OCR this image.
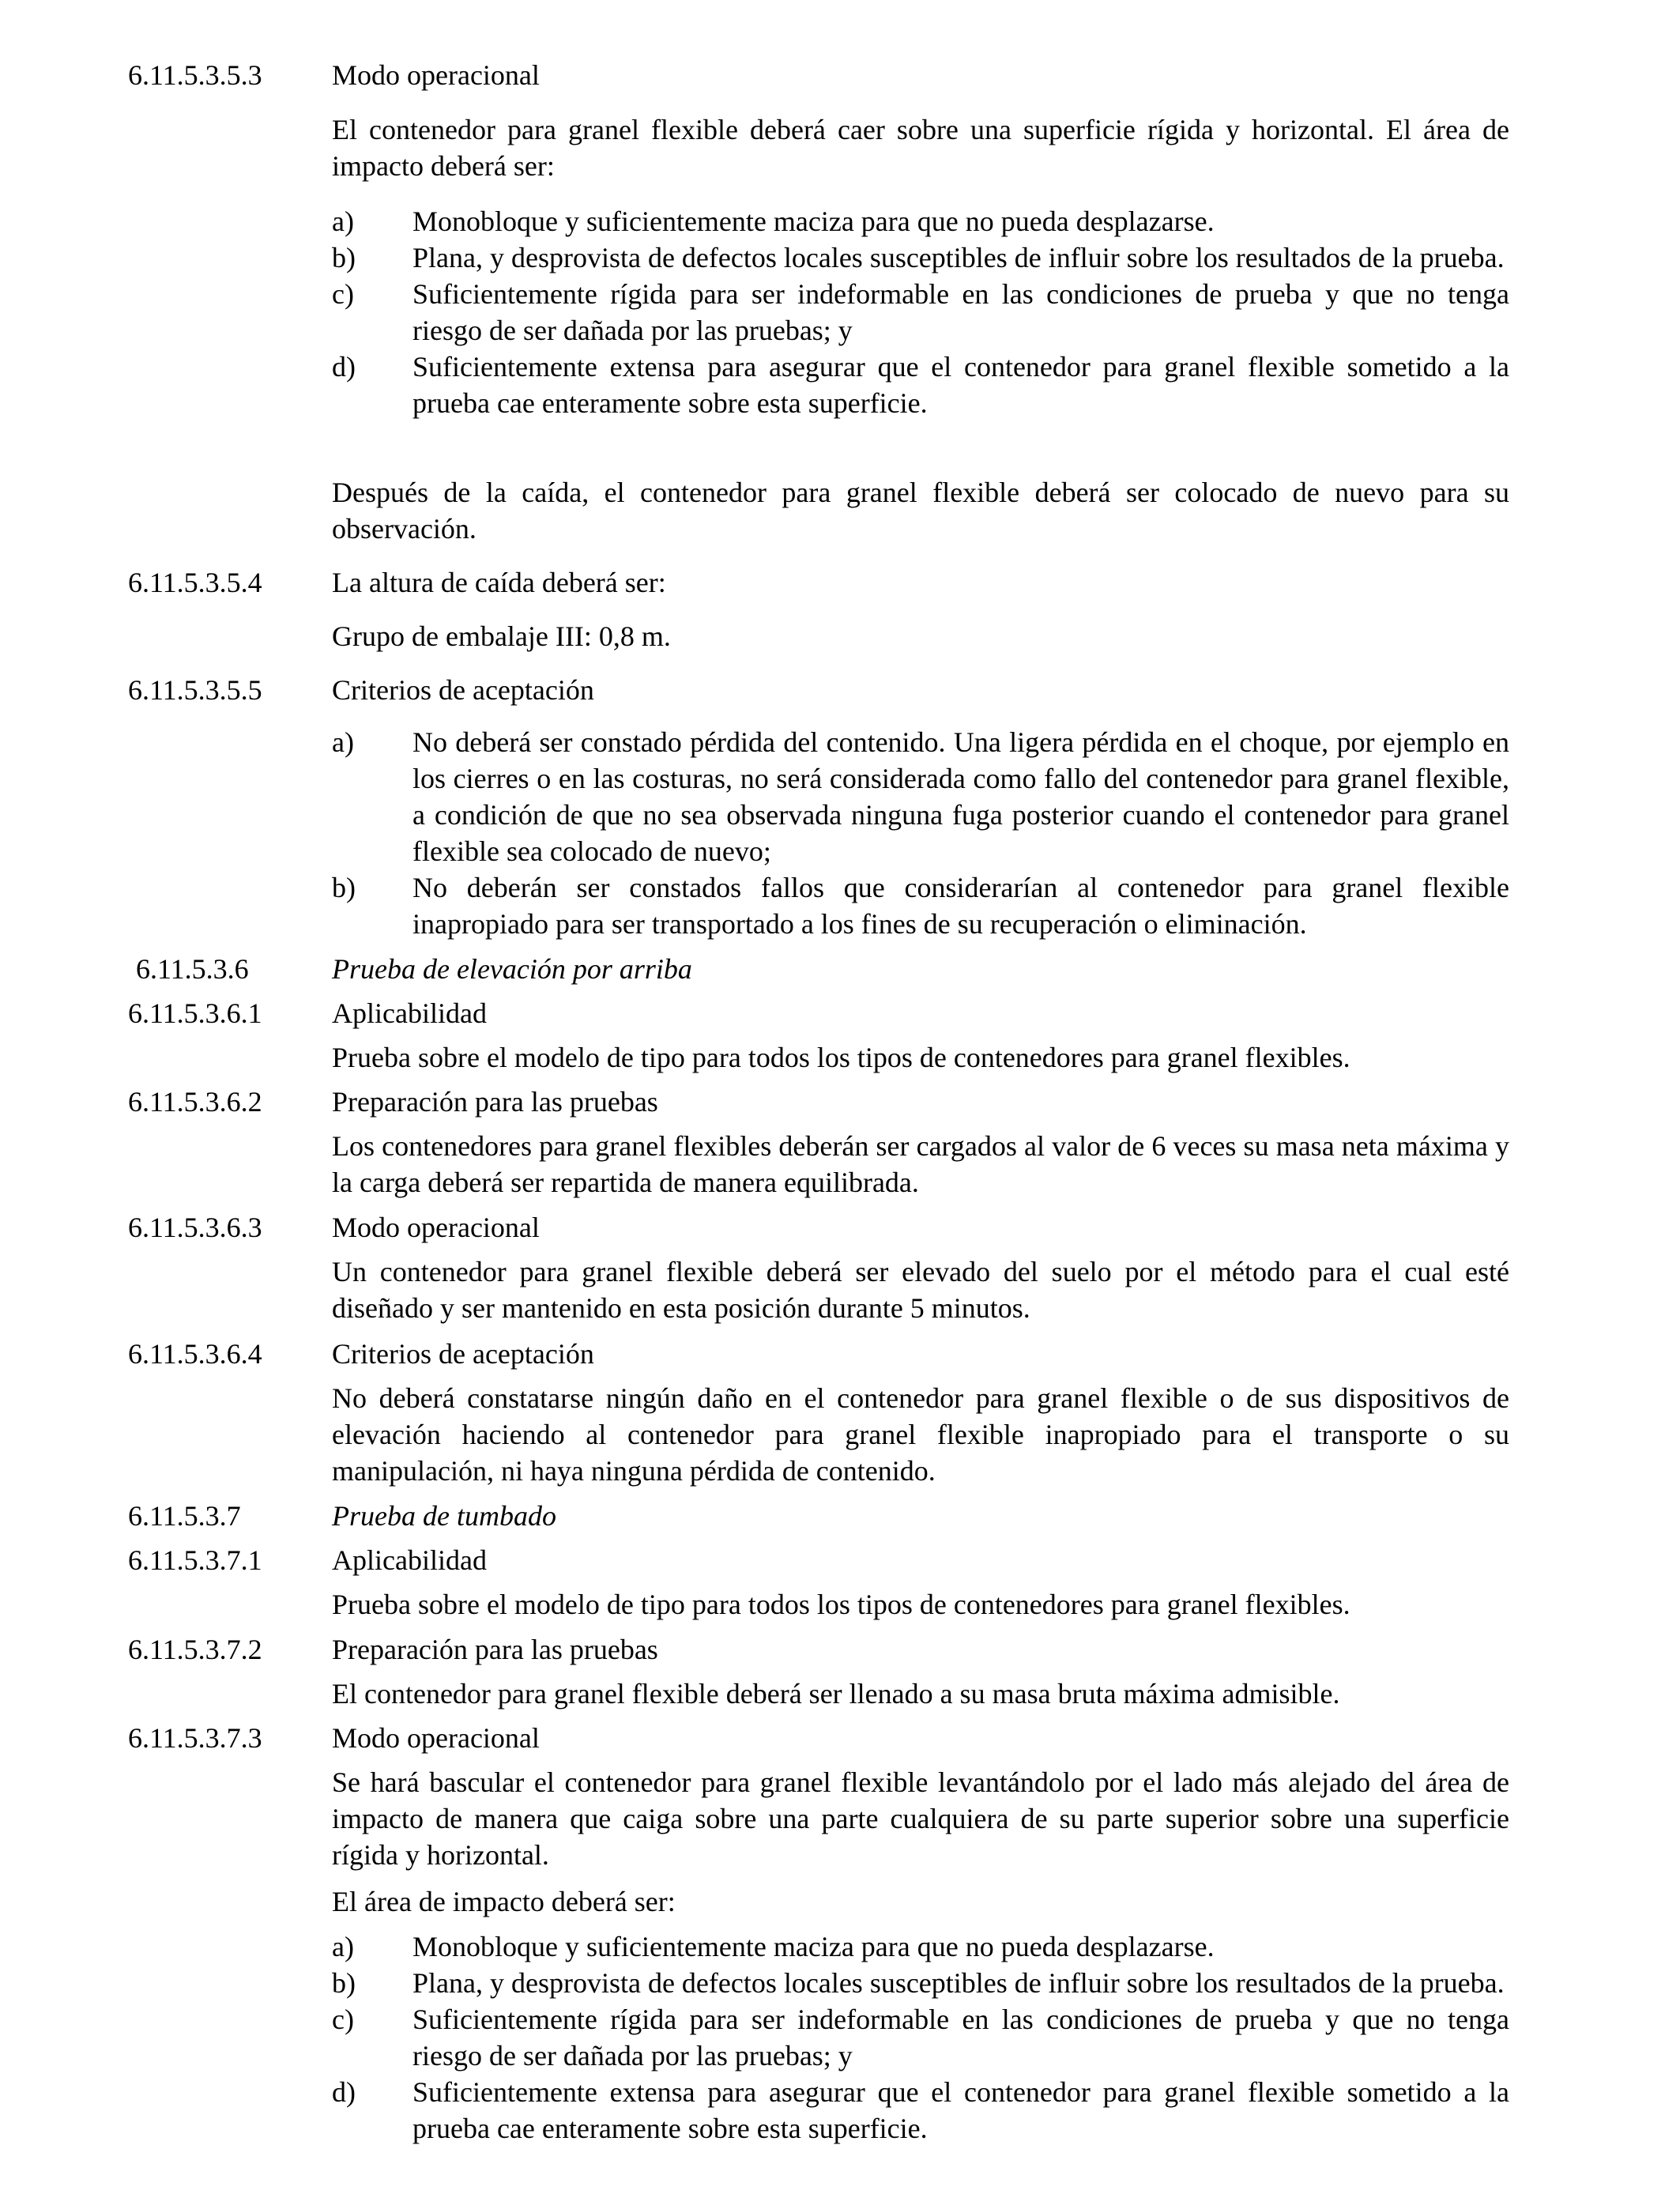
6.11.5.3.5.3 Modo operacional
El contenedor para granel flexible deberá caer sobre una superficie rígida y horizontal. El área de impacto deberá ser:
a) Monobloque y suficientemente maciza para que no pueda desplazarse.
b) Plana, y desprovista de defectos locales susceptibles de influir sobre los resultados de la prueba.
c) Suficientemente rígida para ser indeformable en las condiciones de prueba y que no tenga riesgo de ser dañada por las pruebas; y
d) Suficientemente extensa para asegurar que el contenedor para granel flexible sometido a la prueba cae enteramente sobre esta superficie.
Después de la caída, el contenedor para granel flexible deberá ser colocado de nuevo para su observación.
6.11.5.3.5.4 La altura de caída deberá ser:
Grupo de embalaje III: 0,8 m.
6.11.5.3.5.5 Criterios de aceptación
a) No deberá ser constado pérdida del contenido. Una ligera pérdida en el choque, por ejemplo en los cierres o en las costuras, no será considerada como fallo del contenedor para granel flexible, a condición de que no sea observada ninguna fuga posterior cuando el contenedor para granel flexible sea colocado de nuevo;
b) No deberán ser constados fallos que considerarían al contenedor para granel flexible inapropiado para ser transportado a los fines de su recuperación o eliminación.
6.11.5.3.6	Prueba de elevación por arriba
6.11.5.3.6.1 Aplicabilidad
Prueba sobre el modelo de tipo para todos los tipos de contenedores para granel flexibles.
6.11.5.3.6.2 Preparación para las pruebas
Los contenedores para granel flexibles deberán ser cargados al valor de 6 veces su masa neta máxima y la carga deberá ser repartida de manera equilibrada.
6.11.5.3.6.3 Modo operacional
Un contenedor para granel flexible deberá ser elevado del suelo por el método para el cual esté diseñado y ser mantenido en esta posición durante 5 minutos.
6.11.5.3.6.4 Criterios de aceptación
No deberá constatarse ningún daño en el contenedor para granel flexible o de sus dispositivos de elevación haciendo al contenedor para granel flexible inapropiado para el transporte o su manipulación, ni haya ninguna pérdida de contenido.
6.11.5.3.7	Prueba de tumbado
6.11.5.3.7.1 Aplicabilidad
Prueba sobre el modelo de tipo para todos los tipos de contenedores para granel flexibles.
6.11.5.3.7.2 Preparación para las pruebas
El contenedor para granel flexible deberá ser llenado a su masa bruta máxima admisible.
6.11.5.3.7.3 Modo operacional
Se hará bascular el contenedor para granel flexible levantándolo por el lado más alejado del área de impacto de manera que caiga sobre una parte cualquiera de su parte superior sobre una superficie rígida y horizontal.
El área de impacto deberá ser:
a) Monobloque y suficientemente maciza para que no pueda desplazarse.
b) Plana, y desprovista de defectos locales susceptibles de influir sobre los resultados de la prueba.
c) Suficientemente rígida para ser indeformable en las condiciones de prueba y que no tenga riesgo de ser dañada por las pruebas; y
d) Suficientemente extensa para asegurar que el contenedor para granel flexible sometido a la prueba cae enteramente sobre esta superficie.
